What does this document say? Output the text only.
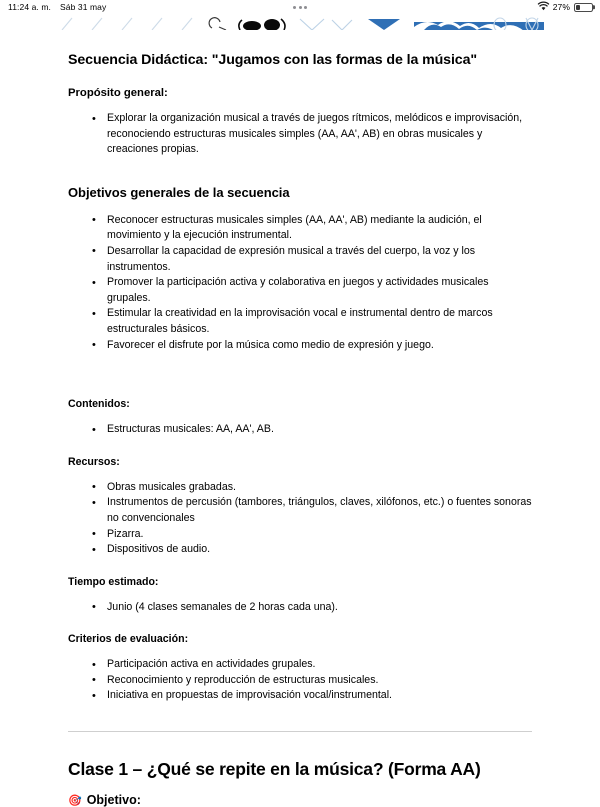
11:24 a. m. Sáb 31 may	27%
Secuencia Didáctica: "Jugamos con las formas de la música"
Propósito general:
• Explorar la organización musical a través de juegos rítmicos, melódicos e improvisación, reconociendo estructuras musicales simples (AA, AA', AB) en obras musicales y creaciones propias.
Objetivos generales de la secuencia
• Reconocer estructuras musicales simples (AA, AA', AB) mediante la audición, el movimiento y la ejecución instrumental.
• Desarrollar la capacidad de expresión musical a través del cuerpo, la voz y los instrumentos.
• Promover la participación activa y colaborativa en juegos y actividades musicales grupales.
• Estimular la creatividad en la improvisación vocal e instrumental dentro de marcos estructurales básicos.
• Favorecer el disfrute por la música como medio de expresión y juego.
Contenidos:
• Estructuras musicales: AA, AA', AB.
Recursos:
• Obras musicales grabadas.
• Instrumentos de percusión (tambores, triángulos, claves, xilófonos, etc.) o fuentes sonoras no convencionales
• Pizarra.
• Dispositivos de audio.
Tiempo estimado:
• Junio (4 clases semanales de 2 horas cada una).
Criterios de evaluación:
• Participación activa en actividades grupales.
• Reconocimiento y reproducción de estructuras musicales.
• Iniciativa en propuestas de improvisación vocal/instrumental.
Clase 1 – ¿Qué se repite en la música? (Forma AA)
🎯 Objetivo:
